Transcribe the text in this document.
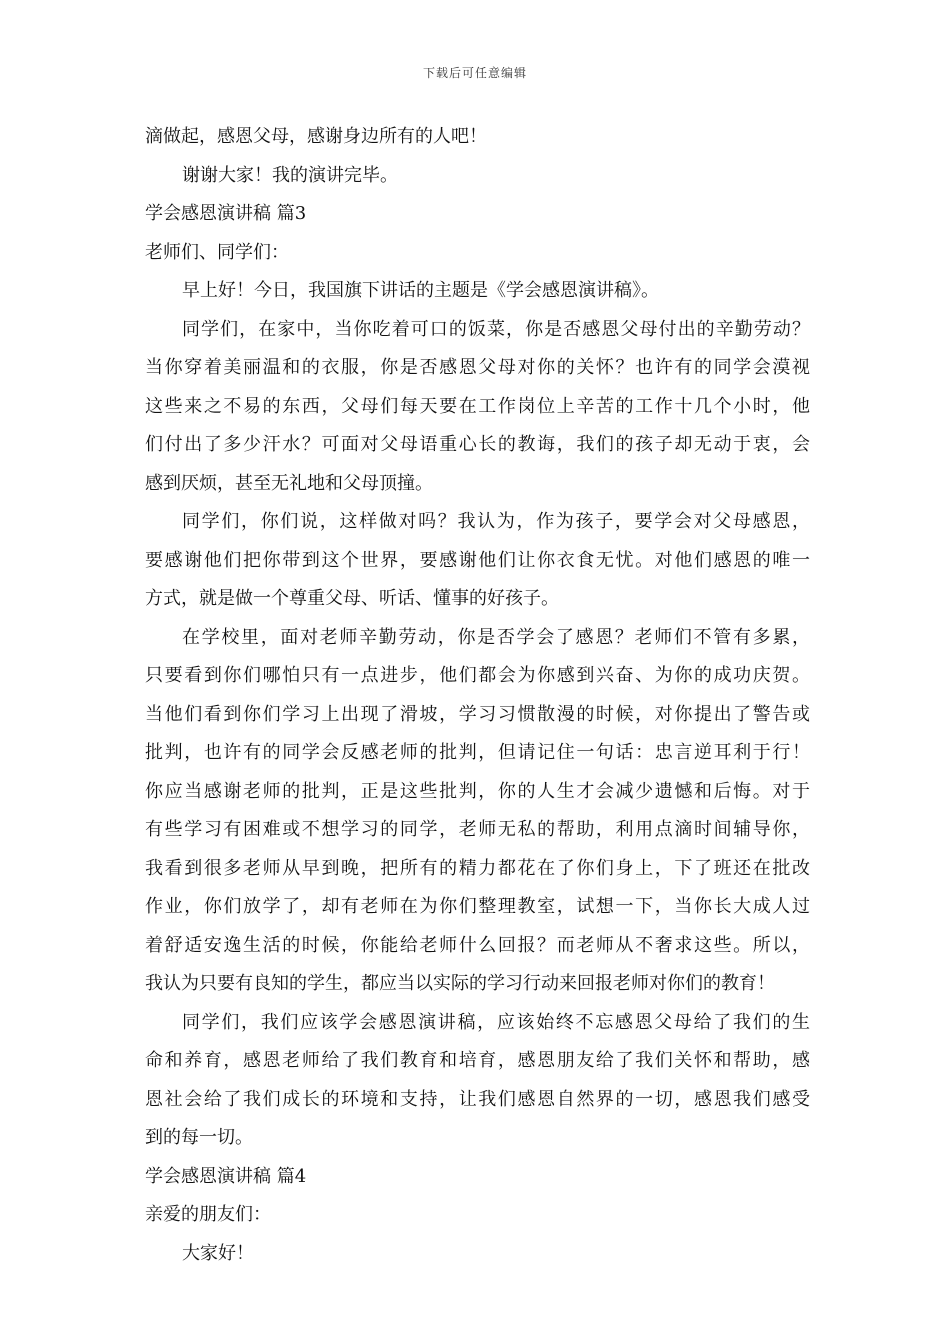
下载后可任意编辑
滴做起，感恩父母，感谢身边所有的人吧！
谢谢大家！我的演讲完毕。
学会感恩演讲稿 篇3
老师们、同学们：
早上好！今日，我国旗下讲话的主题是《学会感恩演讲稿》。
同学们，在家中，当你吃着可口的饭菜，你是否感恩父母付出的辛勤劳动？
当你穿着美丽温和的衣服，你是否感恩父母对你的关怀？也许有的同学会漠视
这些来之不易的东西，父母们每天要在工作岗位上辛苦的工作十几个小时，他
们付出了多少汗水？可面对父母语重心长的教诲，我们的孩子却无动于衷，会
感到厌烦，甚至无礼地和父母顶撞。
同学们，你们说，这样做对吗？我认为，作为孩子，要学会对父母感恩，
要感谢他们把你带到这个世界，要感谢他们让你衣食无忧。对他们感恩的唯一
方式，就是做一个尊重父母、听话、懂事的好孩子。
在学校里，面对老师辛勤劳动，你是否学会了感恩？老师们不管有多累，
只要看到你们哪怕只有一点进步，他们都会为你感到兴奋、为你的成功庆贺。
当他们看到你们学习上出现了滑坡，学习习惯散漫的时候，对你提出了警告或
批判，也许有的同学会反感老师的批判，但请记住一句话：忠言逆耳利于行！
你应当感谢老师的批判，正是这些批判，你的人生才会减少遗憾和后悔。对于
有些学习有困难或不想学习的同学，老师无私的帮助，利用点滴时间辅导你，
我看到很多老师从早到晚，把所有的精力都花在了你们身上，下了班还在批改
作业，你们放学了，却有老师在为你们整理教室，试想一下，当你长大成人过
着舒适安逸生活的时候，你能给老师什么回报？而老师从不奢求这些。所以，
我认为只要有良知的学生，都应当以实际的学习行动来回报老师对你们的教育！
同学们，我们应该学会感恩演讲稿，应该始终不忘感恩父母给了我们的生
命和养育，感恩老师给了我们教育和培育，感恩朋友给了我们关怀和帮助，感
恩社会给了我们成长的环境和支持，让我们感恩自然界的一切，感恩我们感受
到的每一切。
学会感恩演讲稿 篇4
亲爱的朋友们：
大家好！
